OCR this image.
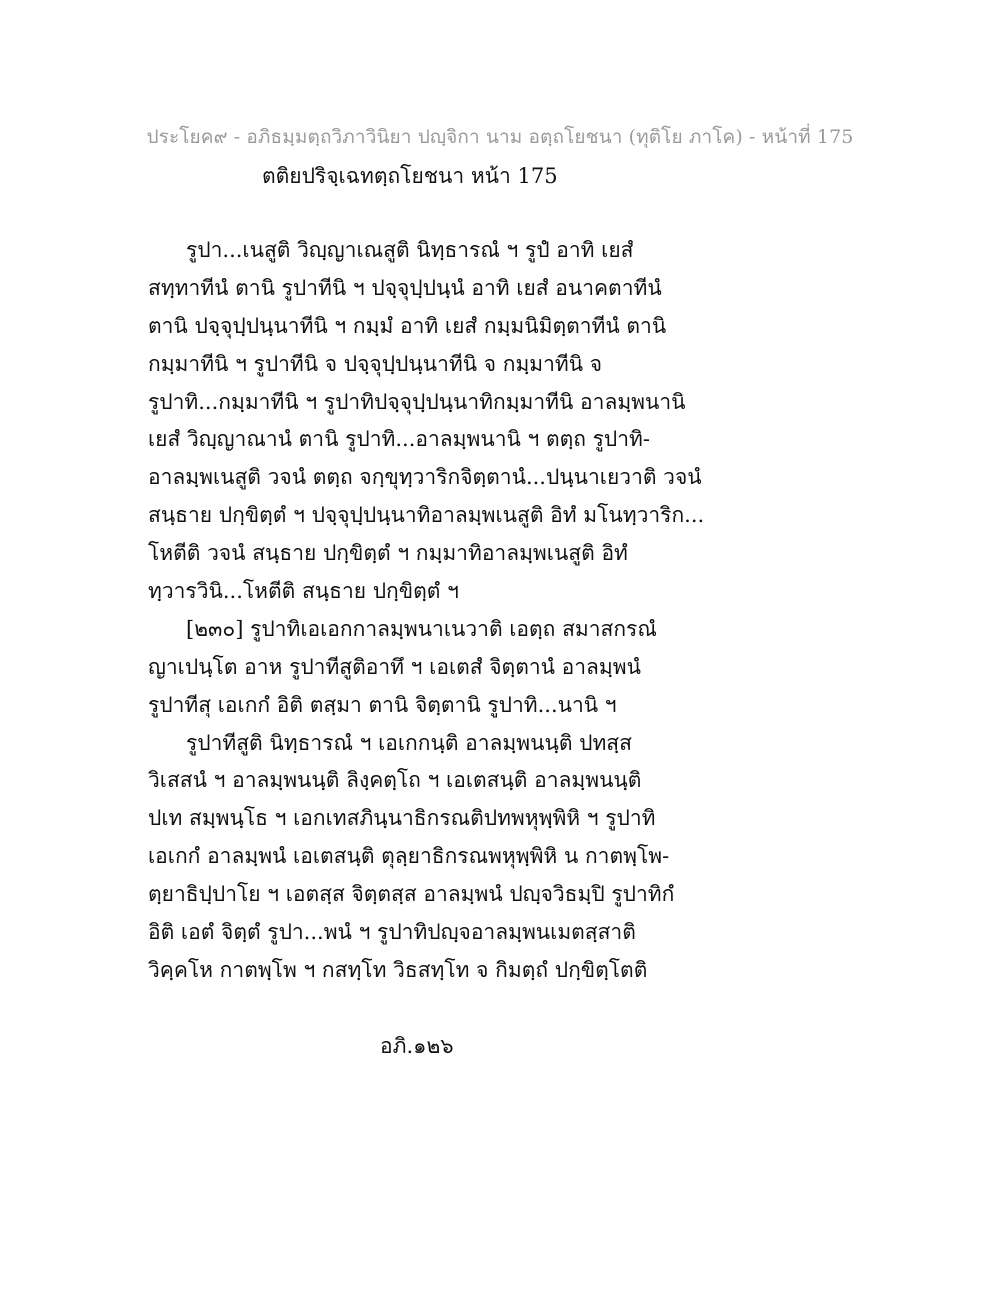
ประโยค๙ - อภิธมฺมตฺถวิภาวินิยา ปญฺจิกา นาม อตฺถโยชนา (ทุติโย ภาโค) - หน้าที่ 175
ตติยปริจฺเฉทตฺถโยชนา หน้า 175
รูปา...เนสูติ วิญฺญาเณสูติ นิทฺธารณํ ฯ รูปํ อาทิ เยสํ
สทฺทาทีนํ ตานิ รูปาทีนิ ฯ ปจฺจุปฺปนฺนํ อาทิ เยสํ อนาคตาทีนํ
ตานิ ปจฺจุปฺปนฺนาทีนิ ฯ กมฺมํ อาทิ เยสํ กมฺมนิมิตฺตาทีนํ ตานิ
กมฺมาทีนิ ฯ รูปาทีนิ จ ปจฺจุปฺปนฺนาทีนิ จ กมฺมาทีนิ จ
รูปาทิ...กมฺมาทีนิ ฯ รูปาทิปจฺจุปฺปนฺนาทิกมฺมาทีนิ อาลมฺพนานิ
เยสํ วิญฺญาณานํ ตานิ รูปาทิ...อาลมฺพนานิ ฯ ตตฺถ รูปาทิ-
อาลมฺพเนสูติ วจนํ ตตฺถ จกฺขุทฺวาริกจิตฺตานํ...ปนฺนาเยวาติ วจนํ
สนฺธาย ปกฺขิตฺตํ ฯ ปจฺจุปฺปนฺนาทิอาลมฺพเนสูติ อิทํ มโนทฺวาริก...
โหตีติ วจนํ สนฺธาย ปกฺขิตฺตํ ฯ กมฺมาทิอาลมฺพเนสูติ อิทํ
ทฺวารวินิ...โหตีติ สนฺธาย ปกฺขิตฺตํ ฯ
[๒๓๐] รูปาทิเอเอกกาลมฺพนาเนวาติ เอตฺถ สมาสกรณํ
ญาเปนฺโต อาห รูปาทีสูติอาทึ ฯ เอเตสํ จิตฺตานํ อาลมฺพนํ
รูปาทีสุ เอเกกํ อิติ ตสฺมา ตานิ จิตฺตานิ รูปาทิ...นานิ ฯ
รูปาทีสูติ นิทฺธารณํ ฯ เอเกกนฺติ อาลมฺพนนฺติ ปทสฺส
วิเสสนํ ฯ อาลมฺพนนฺติ ลิงฺคตฺโถ ฯ เอเตสนฺติ อาลมฺพนนฺติ
ปเท สมฺพนฺโธ ฯ เอกเทสภินฺนาธิกรณติปทพหุพฺพิหิ ฯ รูปาทิ
เอเกกํ อาลมฺพนํ เอเตสนฺติ ตุลฺยาธิกรณพหุพฺพิหิ น กาตพฺโพ-
ตฺยาธิปฺปาโย ฯ เอตสฺส จิตฺตสฺส อาลมฺพนํ ปญฺจวิธมฺปิ รูปาทิกํ
อิติ เอตํ จิตฺตํ รูปา...พนํ ฯ รูปาทิปญฺจอาลมฺพนเมตสฺสาติ
วิคฺคโห กาตพฺโพ ฯ กสทฺโท วิธสทฺโท จ กิมตฺถํ ปกฺขิตฺโตติ
อภิ.๑๒๖
